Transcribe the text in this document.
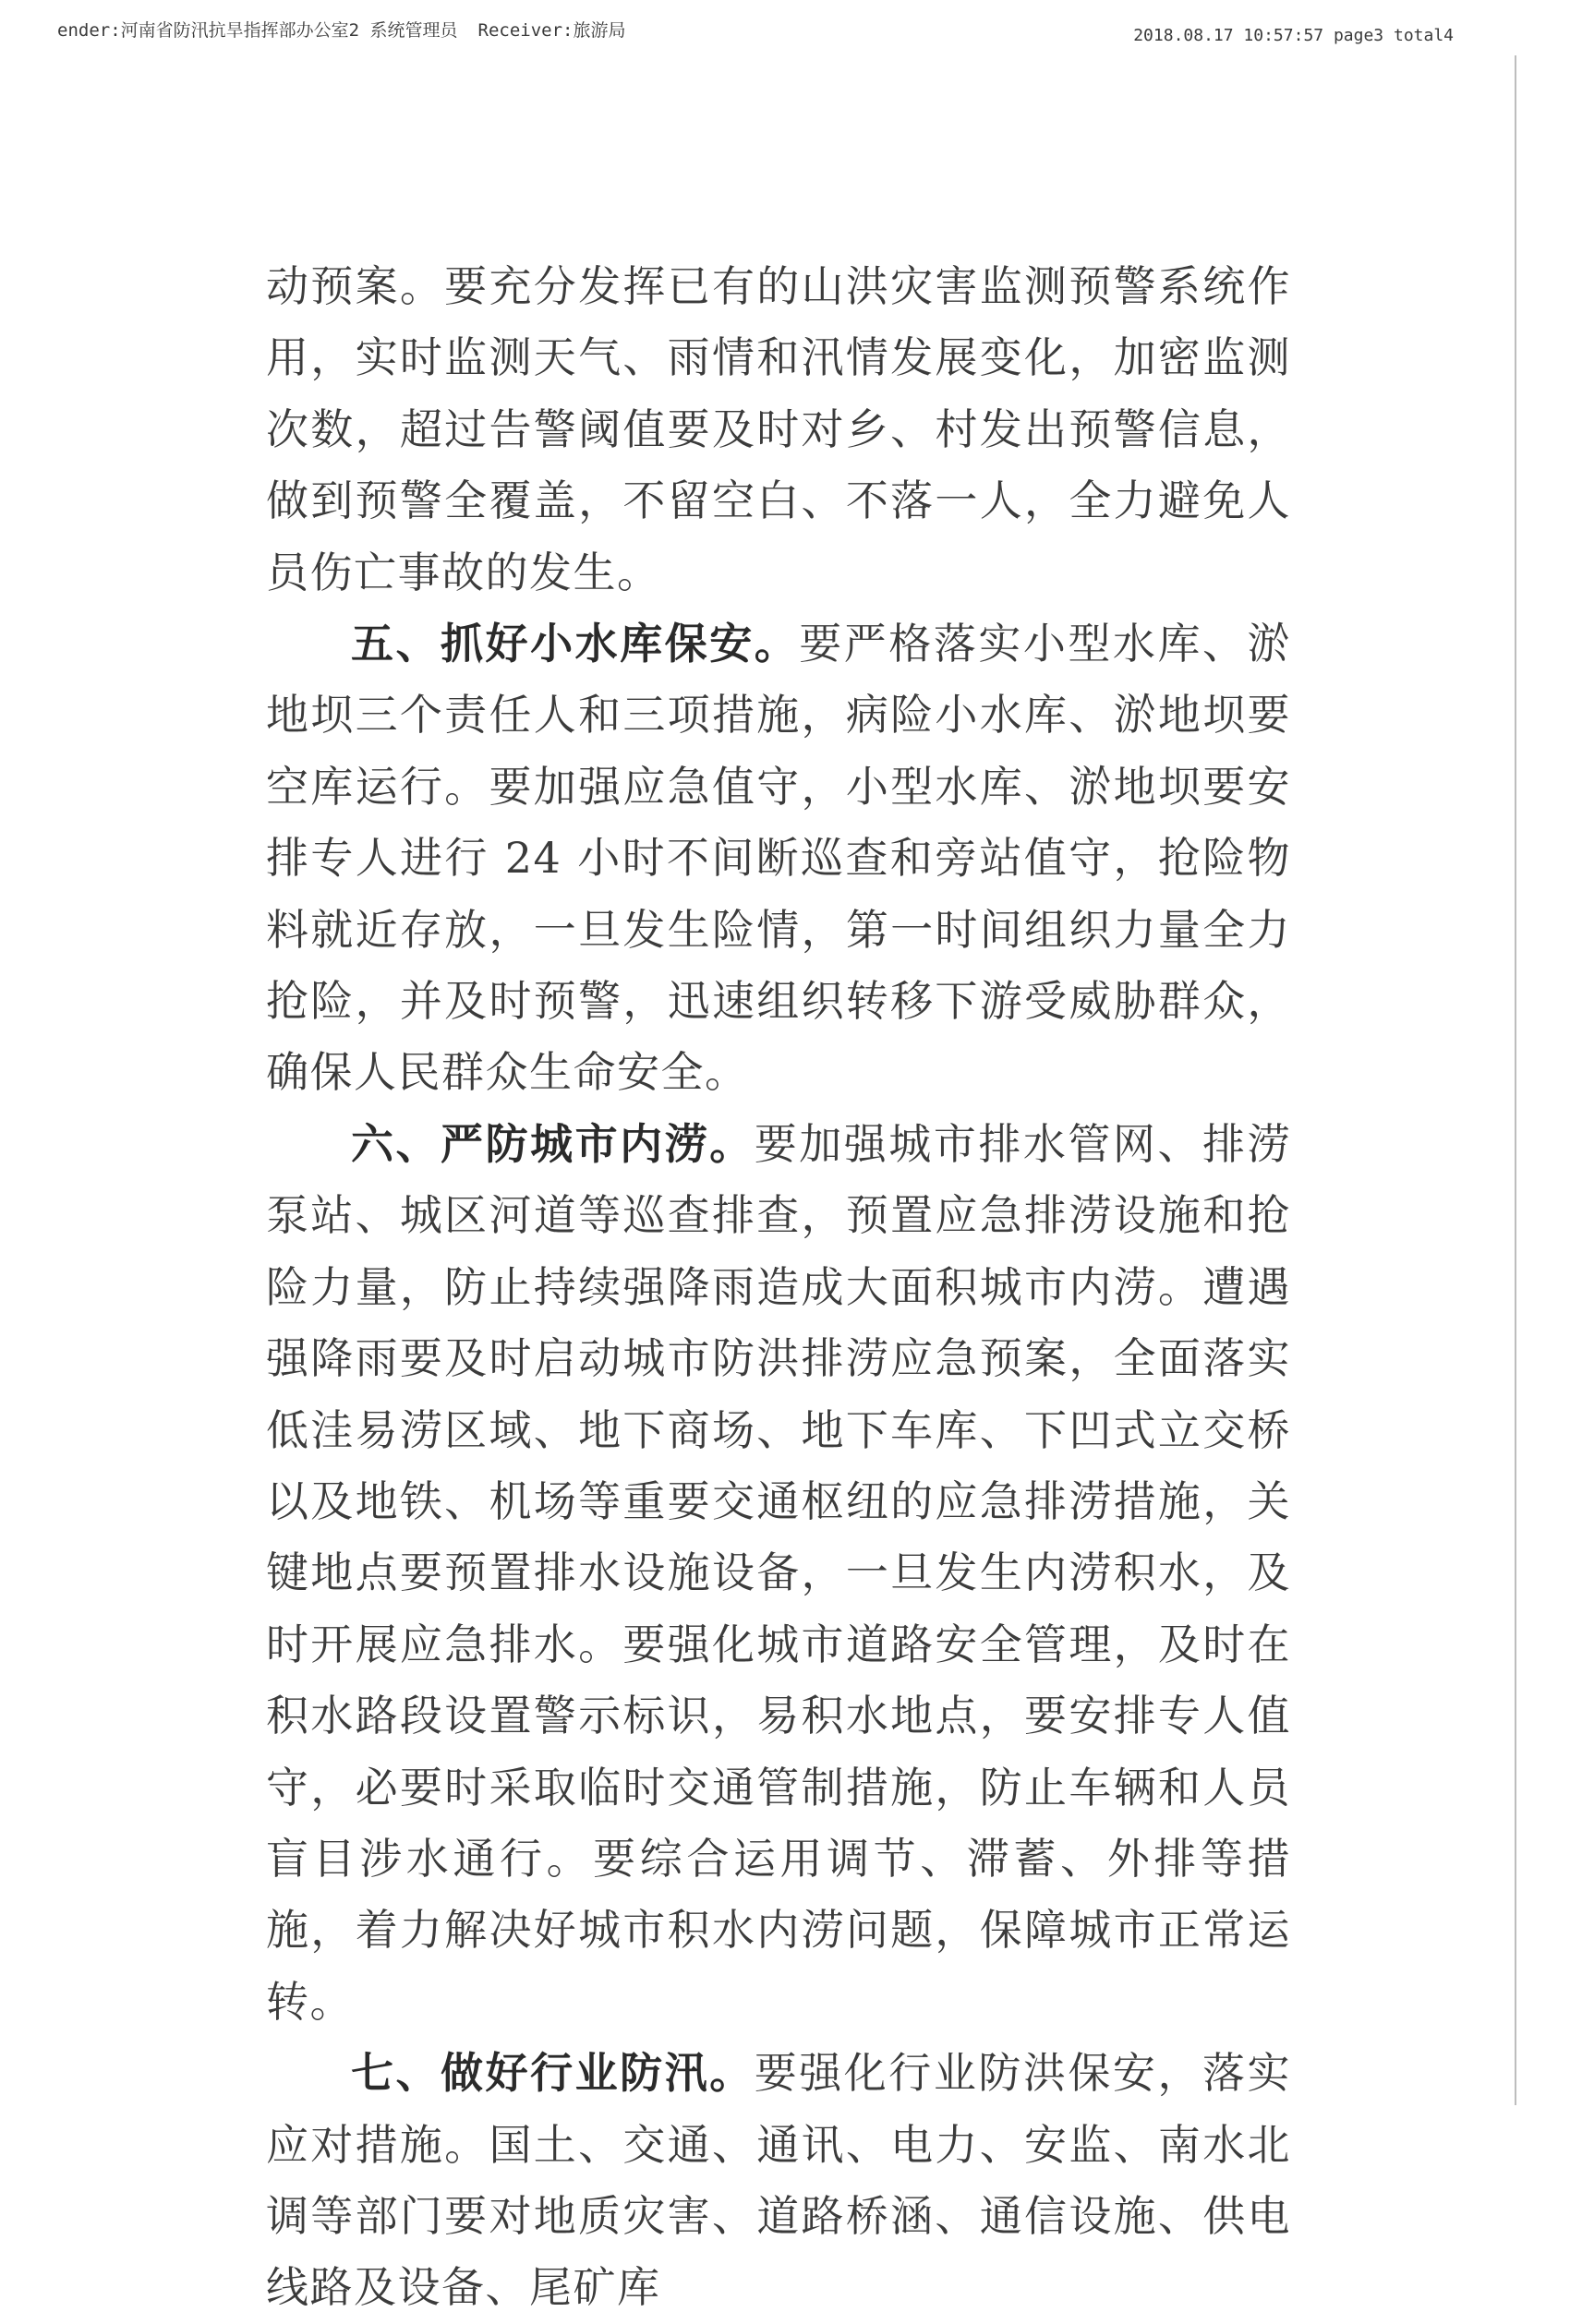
ender:河南省防汛抗旱指挥部办公室2 系统管理员 Receiver:旅游局	2018.08.17 10:57:57 page3 total4

动预案。要充分发挥已有的山洪灾害监测预警系统作用，实时监测天气、雨情和汛情发展变化，加密监测次数，超过告警阈值要及时对乡、村发出预警信息，做到预警全覆盖，不留空白、不落一人，全力避免人员伤亡事故的发生。

五、抓好小水库保安。要严格落实小型水库、淤地坝三个责任人和三项措施，病险小水库、淤地坝要空库运行。要加强应急值守，小型水库、淤地坝要安排专人进行 24 小时不间断巡查和旁站值守，抢险物料就近存放，一旦发生险情，第一时间组织力量全力抢险，并及时预警，迅速组织转移下游受威胁群众，确保人民群众生命安全。

六、严防城市内涝。要加强城市排水管网、排涝泵站、城区河道等巡查排查，预置应急排涝设施和抢险力量，防止持续强降雨造成大面积城市内涝。遭遇强降雨要及时启动城市防洪排涝应急预案，全面落实低洼易涝区域、地下商场、地下车库、下凹式立交桥以及地铁、机场等重要交通枢纽的应急排涝措施，关键地点要预置排水设施设备，一旦发生内涝积水，及时开展应急排水。要强化城市道路安全管理，及时在积水路段设置警示标识，易积水地点，要安排专人值守，必要时采取临时交通管制措施，防止车辆和人员盲目涉水通行。要综合运用调节、滞蓄、外排等措施，着力解决好城市积水内涝问题，保障城市正常运转。

七、做好行业防汛。要强化行业防洪保安，落实应对措施。国土、交通、通讯、电力、安监、南水北调等部门要对地质灾害、道路桥涵、通信设施、供电线路及设备、尾矿库
